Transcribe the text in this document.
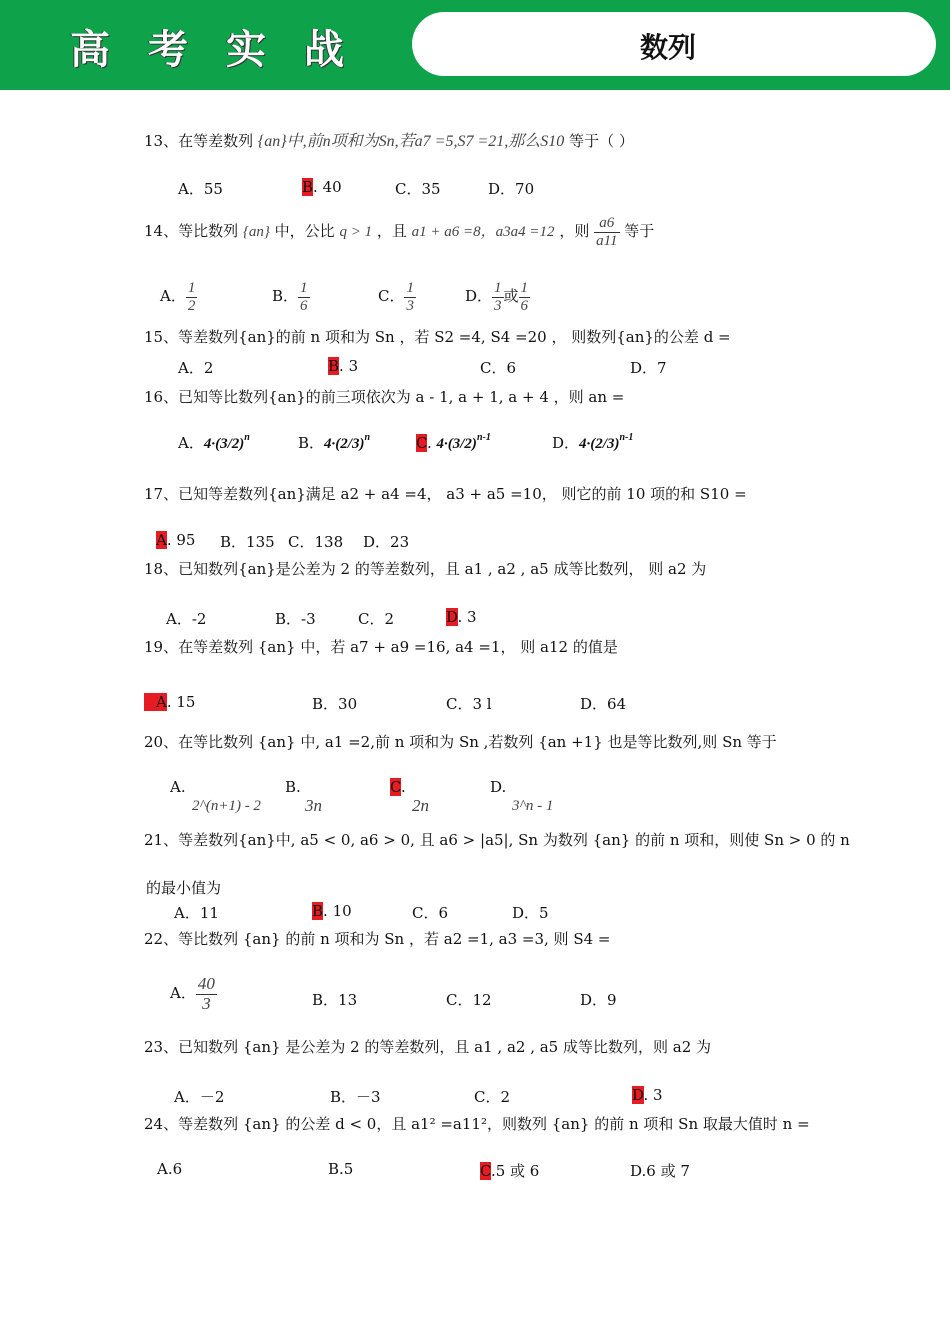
高考实战	数列
13、在等差数列 {an}中,前n项和为Sn,若a7 =5,S7 =21,那么S10 等于（ ）
A．55	B. 40	C．35	D．70
14、等比数列 {an} 中，公比 q > 1 ，且 a1 + a6 =8，a3a4 =12 ，则 $\frac{a6}{a11}$ 等于
A． $\frac{1}{2}$	B． $\frac{1}{6}$	C． $\frac{1}{3}$	D． $\frac{1}{3}$ 或 $\frac{1}{6}$
15、等差数列{an}的前 n 项和为 Sn ，若 S2 =4, S4 =20 ， 则数列{an}的公差 d =
A．2	B. 3	C．6	D．7
16、已知等比数列{an}的前三项依次为 a - 1, a + 1, a + 4 ，则 an =
A．$4\cdot(3/2)^n$	B．$4\cdot(2/3)^n$	C. $4\cdot(3/2)^{n-1}$	D．$4\cdot(2/3)^{n-1}$
17、已知等差数列{an}满足 a2 + a4 =4， a3 + a5 =10， 则它的前 10 项的和 S10 =
A. 95 B．135 C．138 D．23
18、已知数列{an}是公差为 2 的等差数列，且 a1 , a2 , a5 成等比数列， 则 a2 为
A．-2	B．-3	C．2	D. 3
19、在等差数列 {an} 中，若 a7 + a9 =16, a4 =1， 则 a12 的值是
A. 15	B．30	C．3 l	D．64
20、在等比数列 {an} 中, a1 =2,前 n 项和为 Sn ,若数列 {an +1} 也是等比数列,则 Sn 等于
A.
2^(n+1) - 2
B.
3n
C.
2n
D.
3^n - 1
21、等差数列{an}中, a5 < 0, a6 > 0, 且 a6 > |a5|, Sn 为数列 {an} 的前 n 项和，则使 Sn > 0 的 n
的最小值为
A．11	B. 10	C．6	D．5
22、等比数列 {an} 的前 n 项和为 Sn ，若 a2 =1, a3 =3, 则 S4 =
A． $\frac{40}{3}$	B．13	C．12	D．9
23、已知数列 {an} 是公差为 2 的等差数列，且 a1 , a2 , a5 成等比数列，则 a2 为
A．－2	B．－3	C．2	D. 3
24、等差数列 {an} 的公差 d < 0，且 a1² =a11²，则数列 {an} 的前 n 项和 Sn 取最大值时 n =
A.6	B.5	C.5 或 6	D.6 或 7
